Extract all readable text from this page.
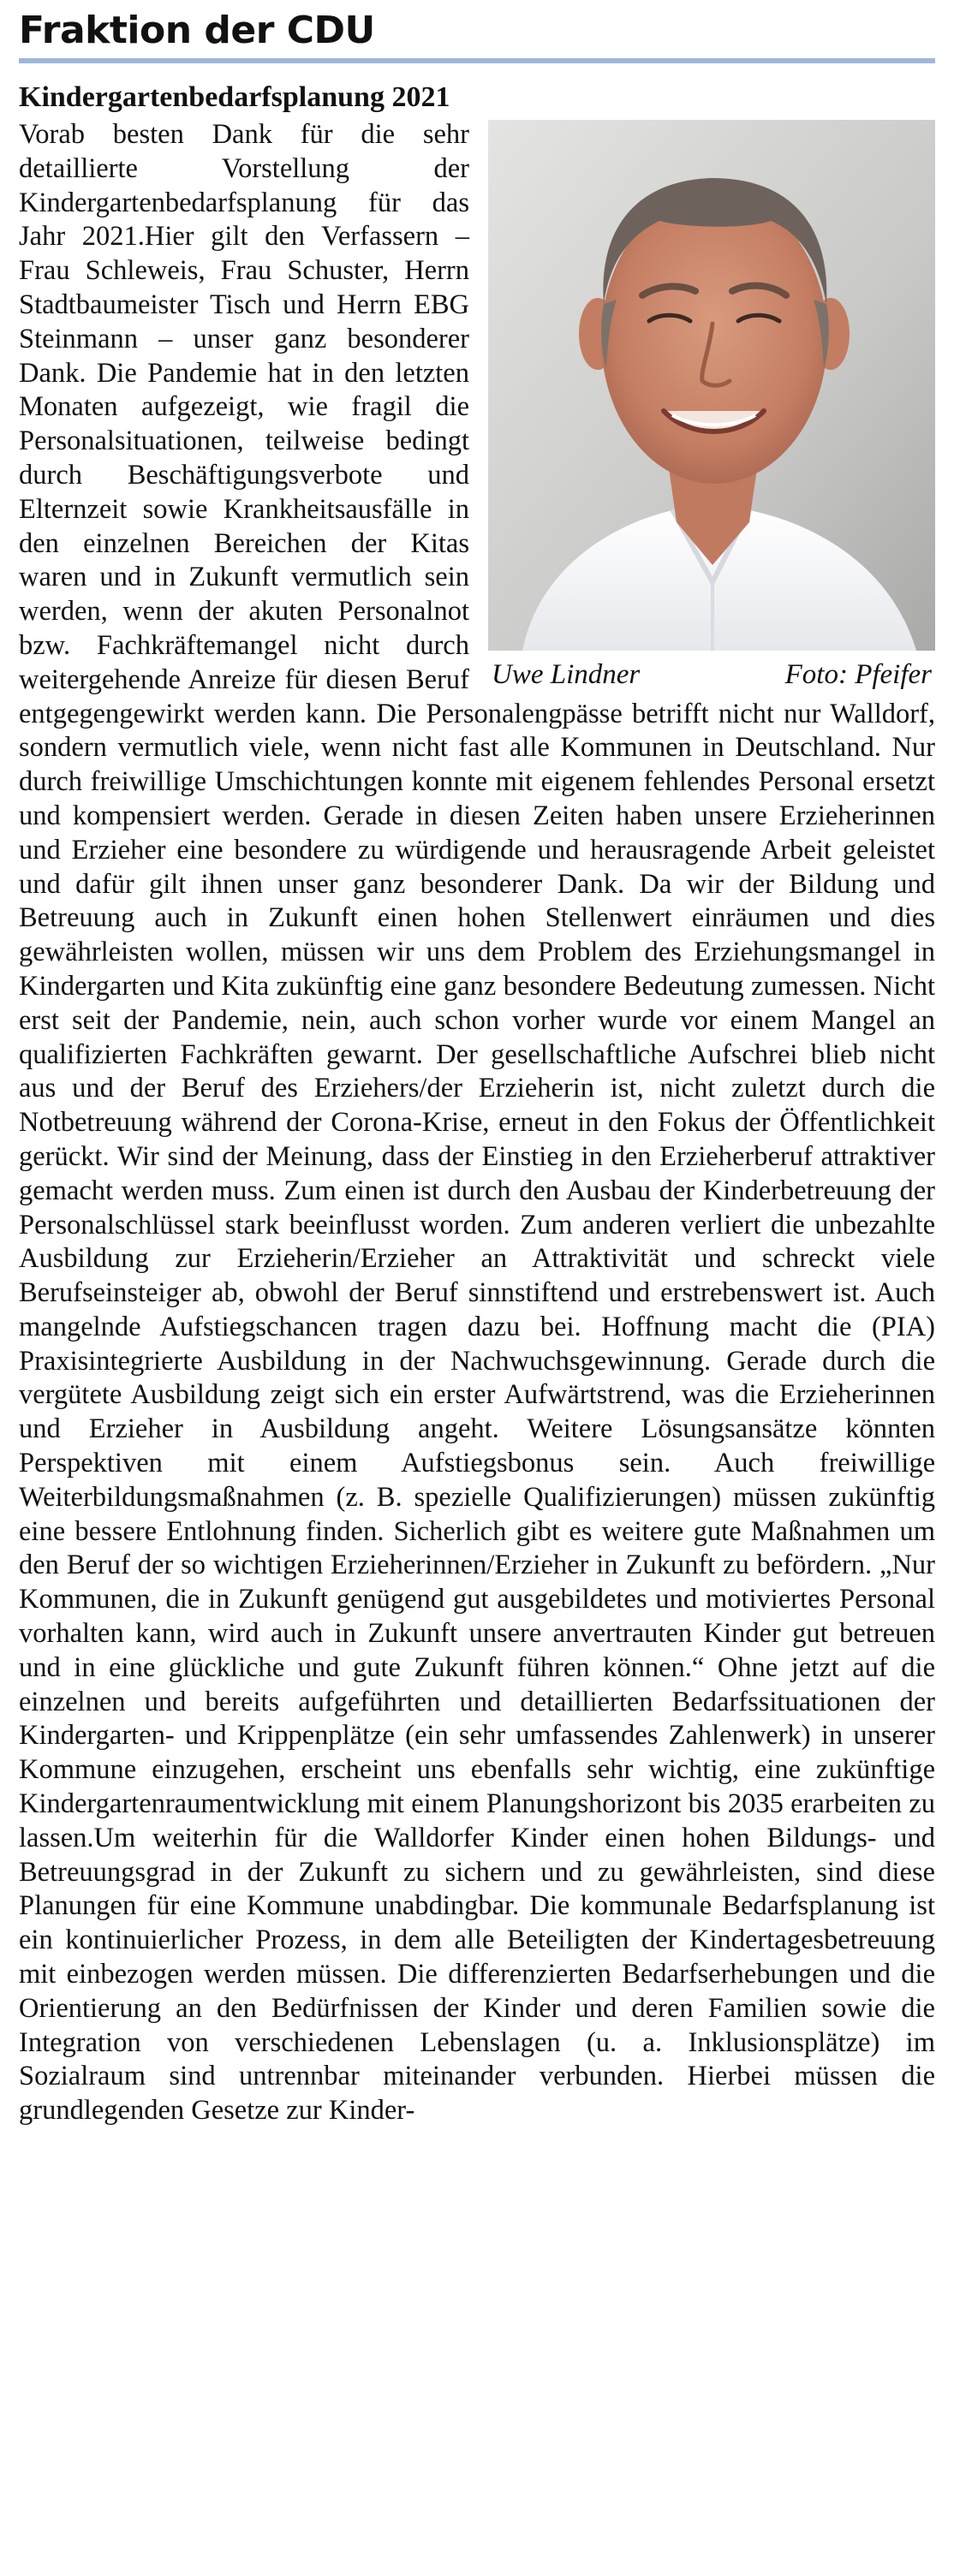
Fraktion der CDU
Kindergartenbedarfsplanung 2021
Uwe Lindner	Foto: Pfeifer

Vorab besten Dank für die sehr detaillierte Vorstellung der Kindergartenbedarfsplanung für das Jahr 2021.Hier gilt den Verfassern – Frau Schleweis, Frau Schuster, Herrn Stadtbaumeister Tisch und Herrn EBG Steinmann – unser ganz besonderer Dank. Die Pandemie hat in den letzten Monaten aufgezeigt, wie fragil die Personalsituationen, teilweise bedingt durch Beschäftigungsverbote und Elternzeit sowie Krankheitsausfälle in den einzelnen Bereichen der Kitas waren und in Zukunft vermutlich sein werden, wenn der akuten Personalnot bzw. Fachkräftemangel nicht durch weitergehende Anreize für diesen Beruf entgegengewirkt werden kann. Die Personalengpässe betrifft nicht nur Walldorf, sondern vermutlich viele, wenn nicht fast alle Kommunen in Deutschland. Nur durch freiwillige Umschichtungen konnte mit eigenem fehlendes Personal ersetzt und kompensiert werden. Gerade in diesen Zeiten haben unsere Erzieherinnen und Erzieher eine besondere zu würdigende und herausragende Arbeit geleistet und dafür gilt ihnen unser ganz besonderer Dank. Da wir der Bildung und Betreuung auch in Zukunft einen hohen Stellenwert einräumen und dies gewährleisten wollen, müssen wir uns dem Problem des Erziehungsmangel in Kindergarten und Kita zukünftig eine ganz besondere Bedeutung zumessen. Nicht erst seit der Pandemie, nein, auch schon vorher wurde vor einem Mangel an qualifizierten Fachkräften gewarnt. Der gesellschaftliche Aufschrei blieb nicht aus und der Beruf des Erziehers/der Erzieherin ist, nicht zuletzt durch die Notbetreuung während der Corona-Krise, erneut in den Fokus der Öffentlichkeit gerückt. Wir sind der Meinung, dass der Einstieg in den Erzieherberuf attraktiver gemacht werden muss. Zum einen ist durch den Ausbau der Kinderbetreuung der Personalschlüssel stark beeinflusst worden. Zum anderen verliert die unbezahlte Ausbildung zur Erzieherin/Erzieher an Attraktivität und schreckt viele Berufseinsteiger ab, obwohl der Beruf sinnstiftend und erstrebenswert ist. Auch mangelnde Aufstiegschancen tragen dazu bei. Hoffnung macht die (PIA) Praxisintegrierte Ausbildung in der Nachwuchsgewinnung. Gerade durch die vergütete Ausbildung zeigt sich ein erster Aufwärtstrend, was die Erzieherinnen und Erzieher in Ausbildung angeht. Weitere Lösungsansätze könnten Perspektiven mit einem Aufstiegsbonus sein. Auch freiwillige Weiterbildungsmaßnahmen (z. B. spezielle Qualifizierungen) müssen zukünftig eine bessere Entlohnung finden. Sicherlich gibt es weitere gute Maßnahmen um den Beruf der so wichtigen Erzieherinnen/Erzieher in Zukunft zu befördern. „Nur Kommunen, die in Zukunft genügend gut ausgebildetes und motiviertes Personal vorhalten kann, wird auch in Zukunft unsere anvertrauten Kinder gut betreuen und in eine glückliche und gute Zukunft führen können.“ Ohne jetzt auf die einzelnen und bereits aufgeführten und detaillierten Bedarfssituationen der Kindergarten- und Krippenplätze (ein sehr umfassendes Zahlenwerk) in unserer Kommune einzugehen, erscheint uns ebenfalls sehr wichtig, eine zukünftige Kindergartenraumentwicklung mit einem Planungshorizont bis 2035 erarbeiten zu lassen.Um weiterhin für die Walldorfer Kinder einen hohen Bildungs- und Betreuungsgrad in der Zukunft zu sichern und zu gewährleisten, sind diese Planungen für eine Kommune unabdingbar. Die kommunale Bedarfsplanung ist ein kontinuierlicher Prozess, in dem alle Beteiligten der Kindertagesbetreuung mit einbezogen werden müssen. Die differenzierten Bedarfserhebungen und die Orientierung an den Bedürfnissen der Kinder und deren Familien sowie die Integration von verschiedenen Lebenslagen (u. a. Inklusionsplätze) im Sozialraum sind untrennbar miteinander verbunden. Hierbei müssen die grundlegenden Gesetze zur Kinder-
